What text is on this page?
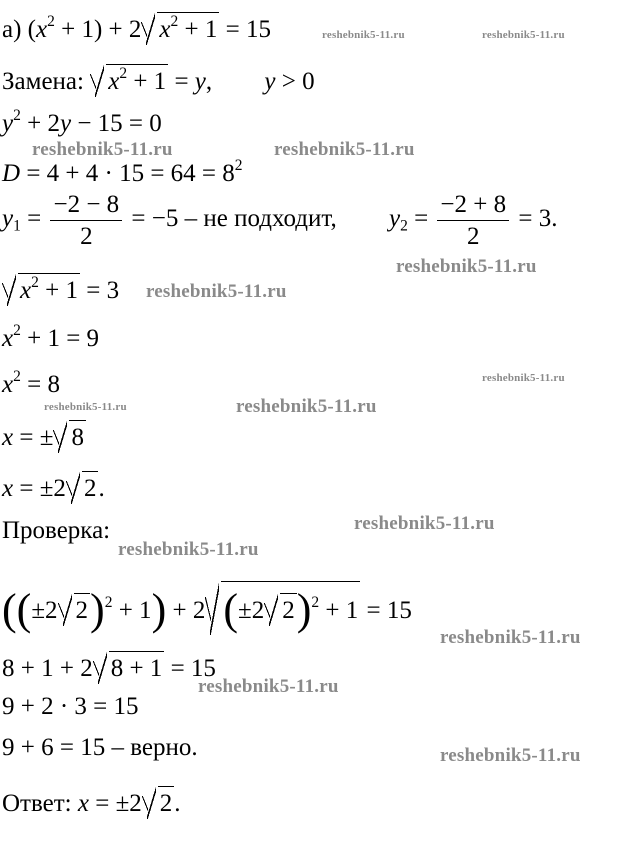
а) $(x^2 + 1) + 2$ $x^2 + 1 = 15$
Замена: $x^2 + 1 = y$, y > 0
$y^2 + 2y - 15 = 0$
$D = 4 + 4 \cdot 15 = 64 = 8^2$
$y_1 = \frac{-2 - 8}{2} = -5$ – не подходит, $y_2 = \frac{-2 + 8}{2} = 3$.
$x^2 + 1 = 3$
$x^2 + 1 = 9$
$x^2 = 8$
x = ± 8
x = ±2 2.
Проверка:
((±2 2)$^2$ + 1) + 2 (±2 2)$^2$ + 1 = 15
8 + 1 + 2 8 + 1 = 15
9 + 2 · 3 = 15
9 + 6 = 15 – верно.
Ответ: x = ±2 2.
reshebnik5-11.ru	reshebnik5-11.ru
reshebnik5-11.ru	reshebnik5-11.ru
reshebnik5-11.ru
reshebnik5-11.ru
reshebnik5-11.ru
reshebnik5-11.ru	reshebnik5-11.ru
reshebnik5-11.ru
reshebnik5-11.ru
reshebnik5-11.ru
reshebnik5-11.ru
reshebnik5-11.ru
